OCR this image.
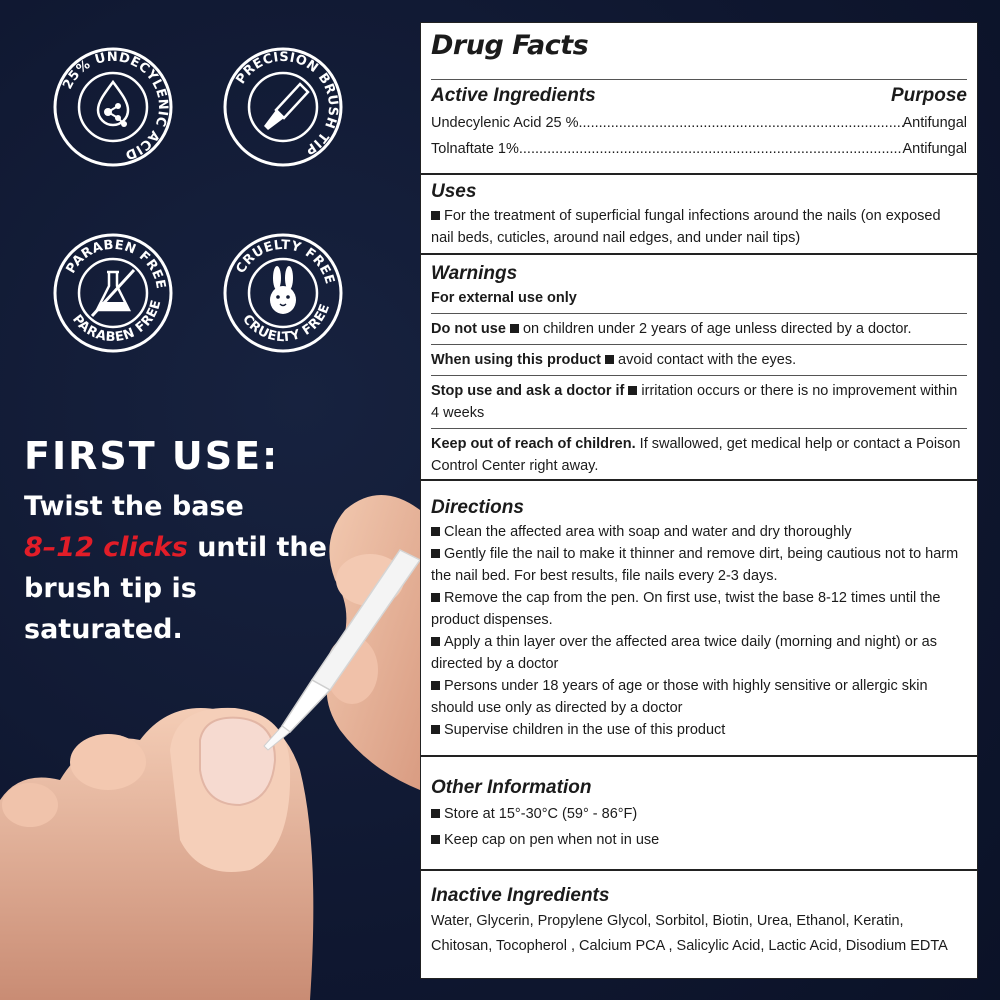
25% UNDECYLENIC ACID
PRECISION BRUSH TIP
PARABEN FREE
PARABEN FREE
CRUELTY FREE
CRUELTY FREE
FIRST USE:
Twist the base
8–12 clicks until the brush tip is saturated.
Drug Facts
Active Ingredients	Purpose
Undecylenic Acid 25 % .....	Antifungal
Tolnaftate 1% .....	Antifungal
Uses
For the treatment of superficial fungal infections around the nails (on exposed nail beds, cuticles, around nail edges, and under nail tips)
Warnings
For external use only
Do not use on children under 2 years of age unless directed by a doctor.
When using this product avoid contact with the eyes.
Stop use and ask a doctor if irritation occurs or there is no improvement within 4 weeks
Keep out of reach of children. If swallowed, get medical help or contact a Poison Control Center right away.
Directions
Clean the affected area with soap and water and dry thoroughly
Gently file the nail to make it thinner and remove dirt, being cautious not to harm the nail bed. For best results, file nails every 2-3 days.
Remove the cap from the pen. On first use, twist the base 8-12 times until the product dispenses.
Apply a thin layer over the affected area twice daily (morning and night) or as directed by a doctor
Persons under 18 years of age or those with highly sensitive or allergic skin should use only as directed by a doctor
Supervise children in the use of this product
Other Information
Store at 15°-30°C (59° - 86°F)
Keep cap on pen when not in use
Inactive Ingredients
Water, Glycerin, Propylene Glycol, Sorbitol, Biotin, Urea, Ethanol, Keratin, Chitosan, Tocopherol , Calcium PCA , Salicylic Acid, Lactic Acid, Disodium EDTA
